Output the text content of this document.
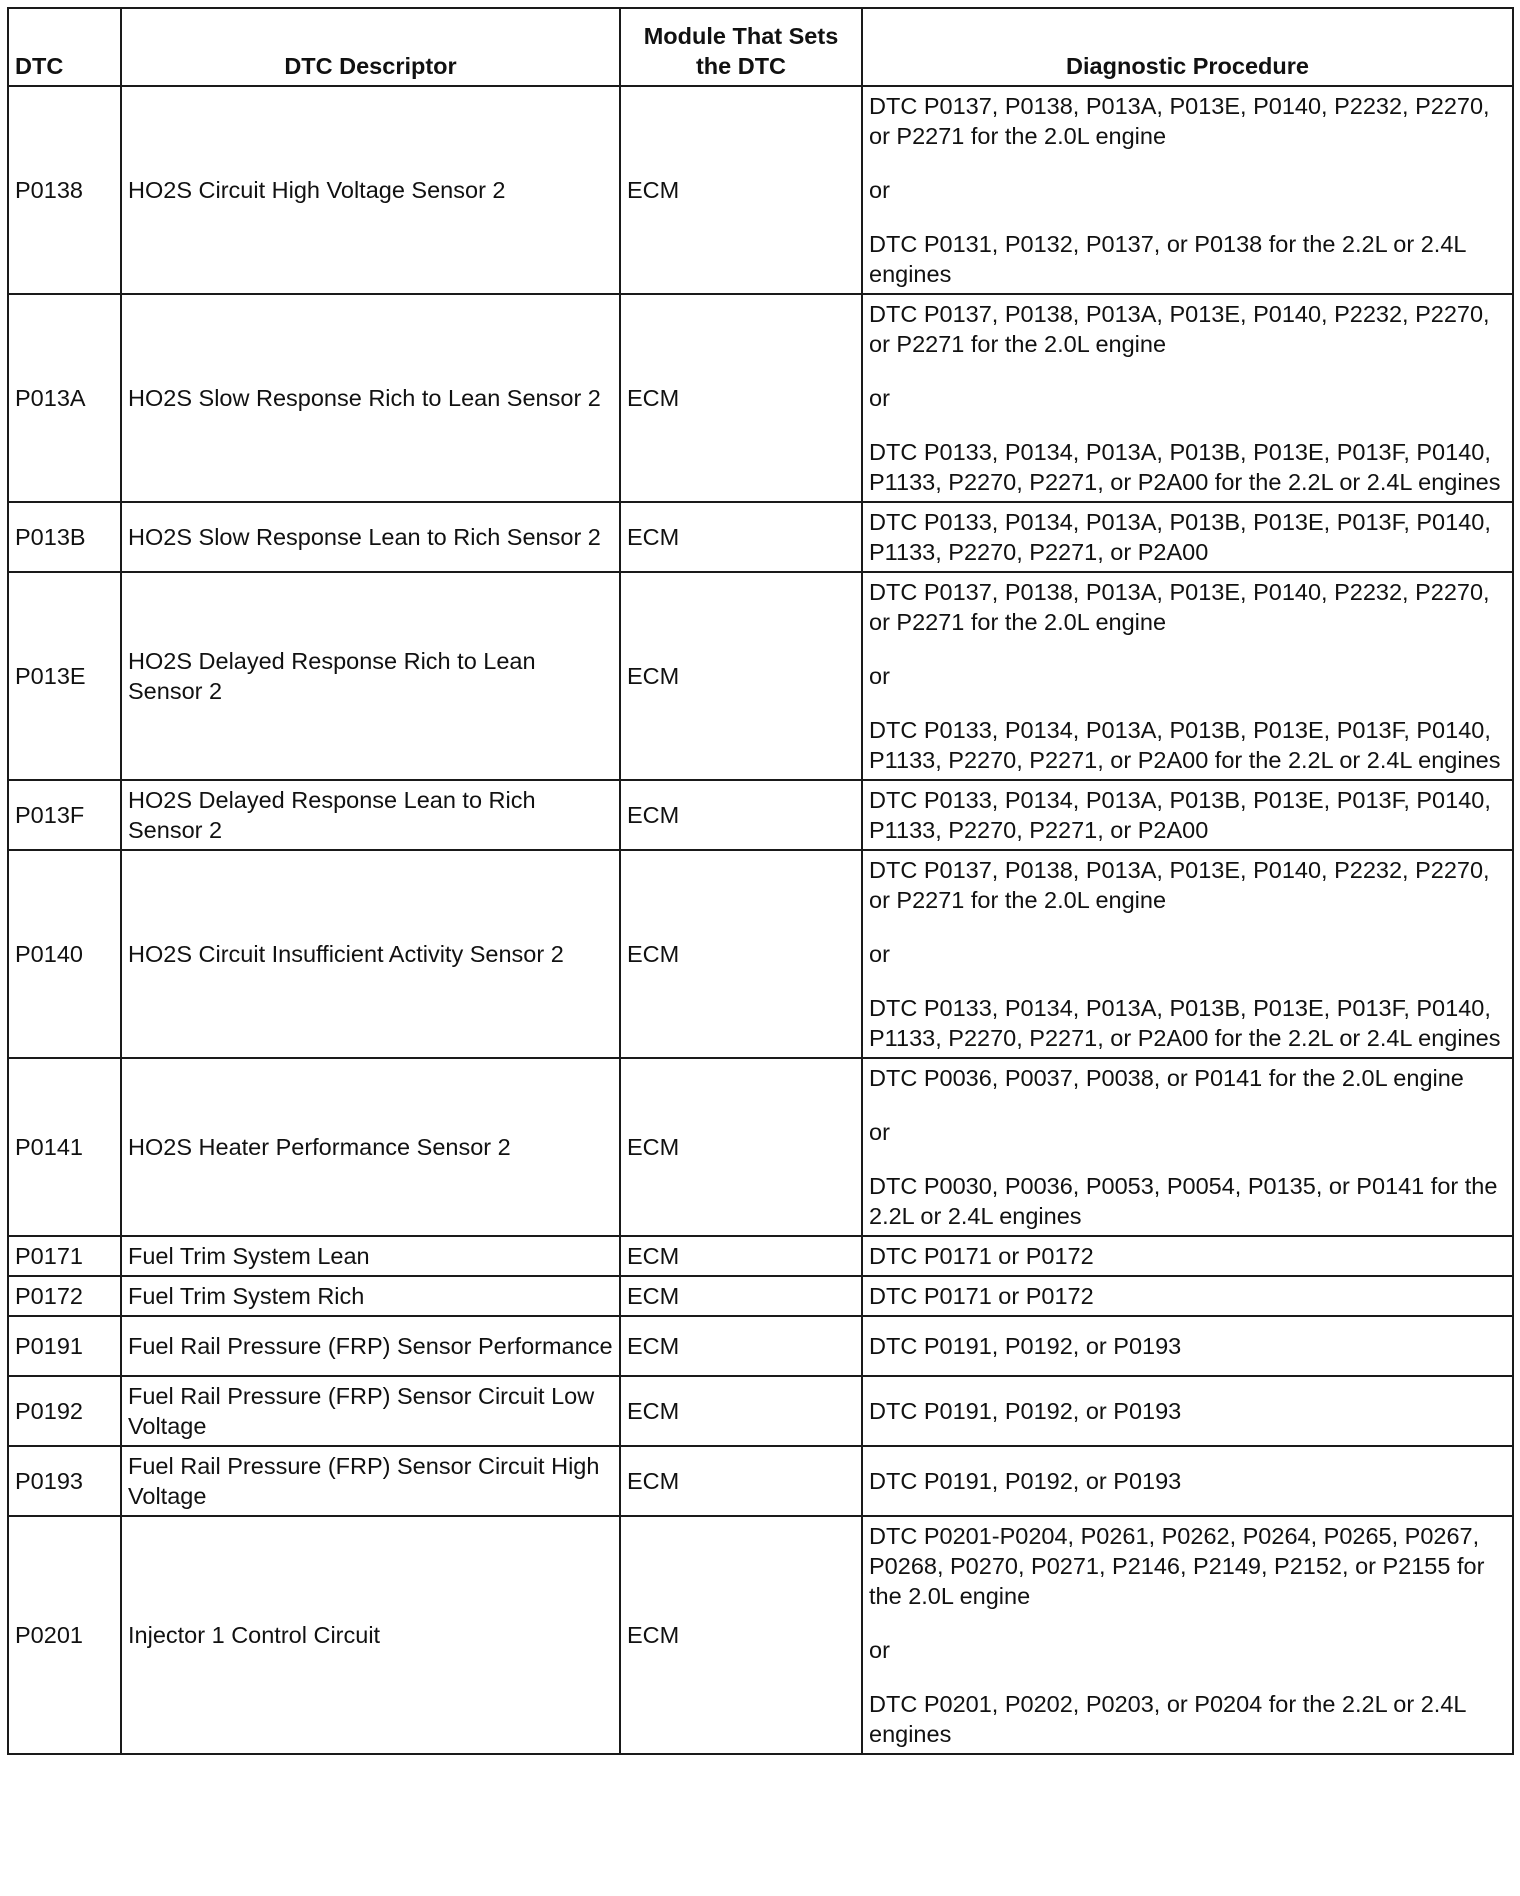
DTC	DTC Descriptor	Module That Sets the DTC	Diagnostic Procedure
P0138	HO2S Circuit High Voltage Sensor 2	ECM	DTC P0137, P0138, P013A, P013E, P0140, P2232, P2270, or P2271 for the 2.0L engine
or
DTC P0131, P0132, P0137, or P0138 for the 2.2L or 2.4L engines

P013A	HO2S Slow Response Rich to Lean Sensor 2	ECM	DTC P0137, P0138, P013A, P013E, P0140, P2232, P2270, or P2271 for the 2.0L engine
or
DTC P0133, P0134, P013A, P013B, P013E, P013F, P0140, P1133, P2270, P2271, or P2A00 for the 2.2L or 2.4L engines

P013B	HO2S Slow Response Lean to Rich Sensor 2	ECM	DTC P0133, P0134, P013A, P013B, P013E, P013F, P0140, P1133, P2270, P2271, or P2A00

P013E	HO2S Delayed Response Rich to Lean Sensor 2	ECM	DTC P0137, P0138, P013A, P013E, P0140, P2232, P2270, or P2271 for the 2.0L engine
or
DTC P0133, P0134, P013A, P013B, P013E, P013F, P0140, P1133, P2270, P2271, or P2A00 for the 2.2L or 2.4L engines

P013F	HO2S Delayed Response Lean to Rich Sensor 2	ECM	DTC P0133, P0134, P013A, P013B, P013E, P013F, P0140, P1133, P2270, P2271, or P2A00

P0140	HO2S Circuit Insufficient Activity Sensor 2	ECM	DTC P0137, P0138, P013A, P013E, P0140, P2232, P2270, or P2271 for the 2.0L engine
or
DTC P0133, P0134, P013A, P013B, P013E, P013F, P0140, P1133, P2270, P2271, or P2A00 for the 2.2L or 2.4L engines

P0141	HO2S Heater Performance Sensor 2	ECM	DTC P0036, P0037, P0038, or P0141 for the 2.0L engine
or
DTC P0030, P0036, P0053, P0054, P0135, or P0141 for the 2.2L or 2.4L engines

P0171	Fuel Trim System Lean	ECM	DTC P0171 or P0172

P0172	Fuel Trim System Rich	ECM	DTC P0171 or P0172

P0191	Fuel Rail Pressure (FRP) Sensor Performance	ECM	DTC P0191, P0192, or P0193

P0192	Fuel Rail Pressure (FRP) Sensor Circuit Low Voltage	ECM	DTC P0191, P0192, or P0193

P0193	Fuel Rail Pressure (FRP) Sensor Circuit High Voltage	ECM	DTC P0191, P0192, or P0193

P0201	Injector 1 Control Circuit	ECM	DTC P0201-P0204, P0261, P0262, P0264, P0265, P0267, P0268, P0270, P0271, P2146, P2149, P2152, or P2155 for the 2.0L engine
or
DTC P0201, P0202, P0203, or P0204 for the 2.2L or 2.4L engines
